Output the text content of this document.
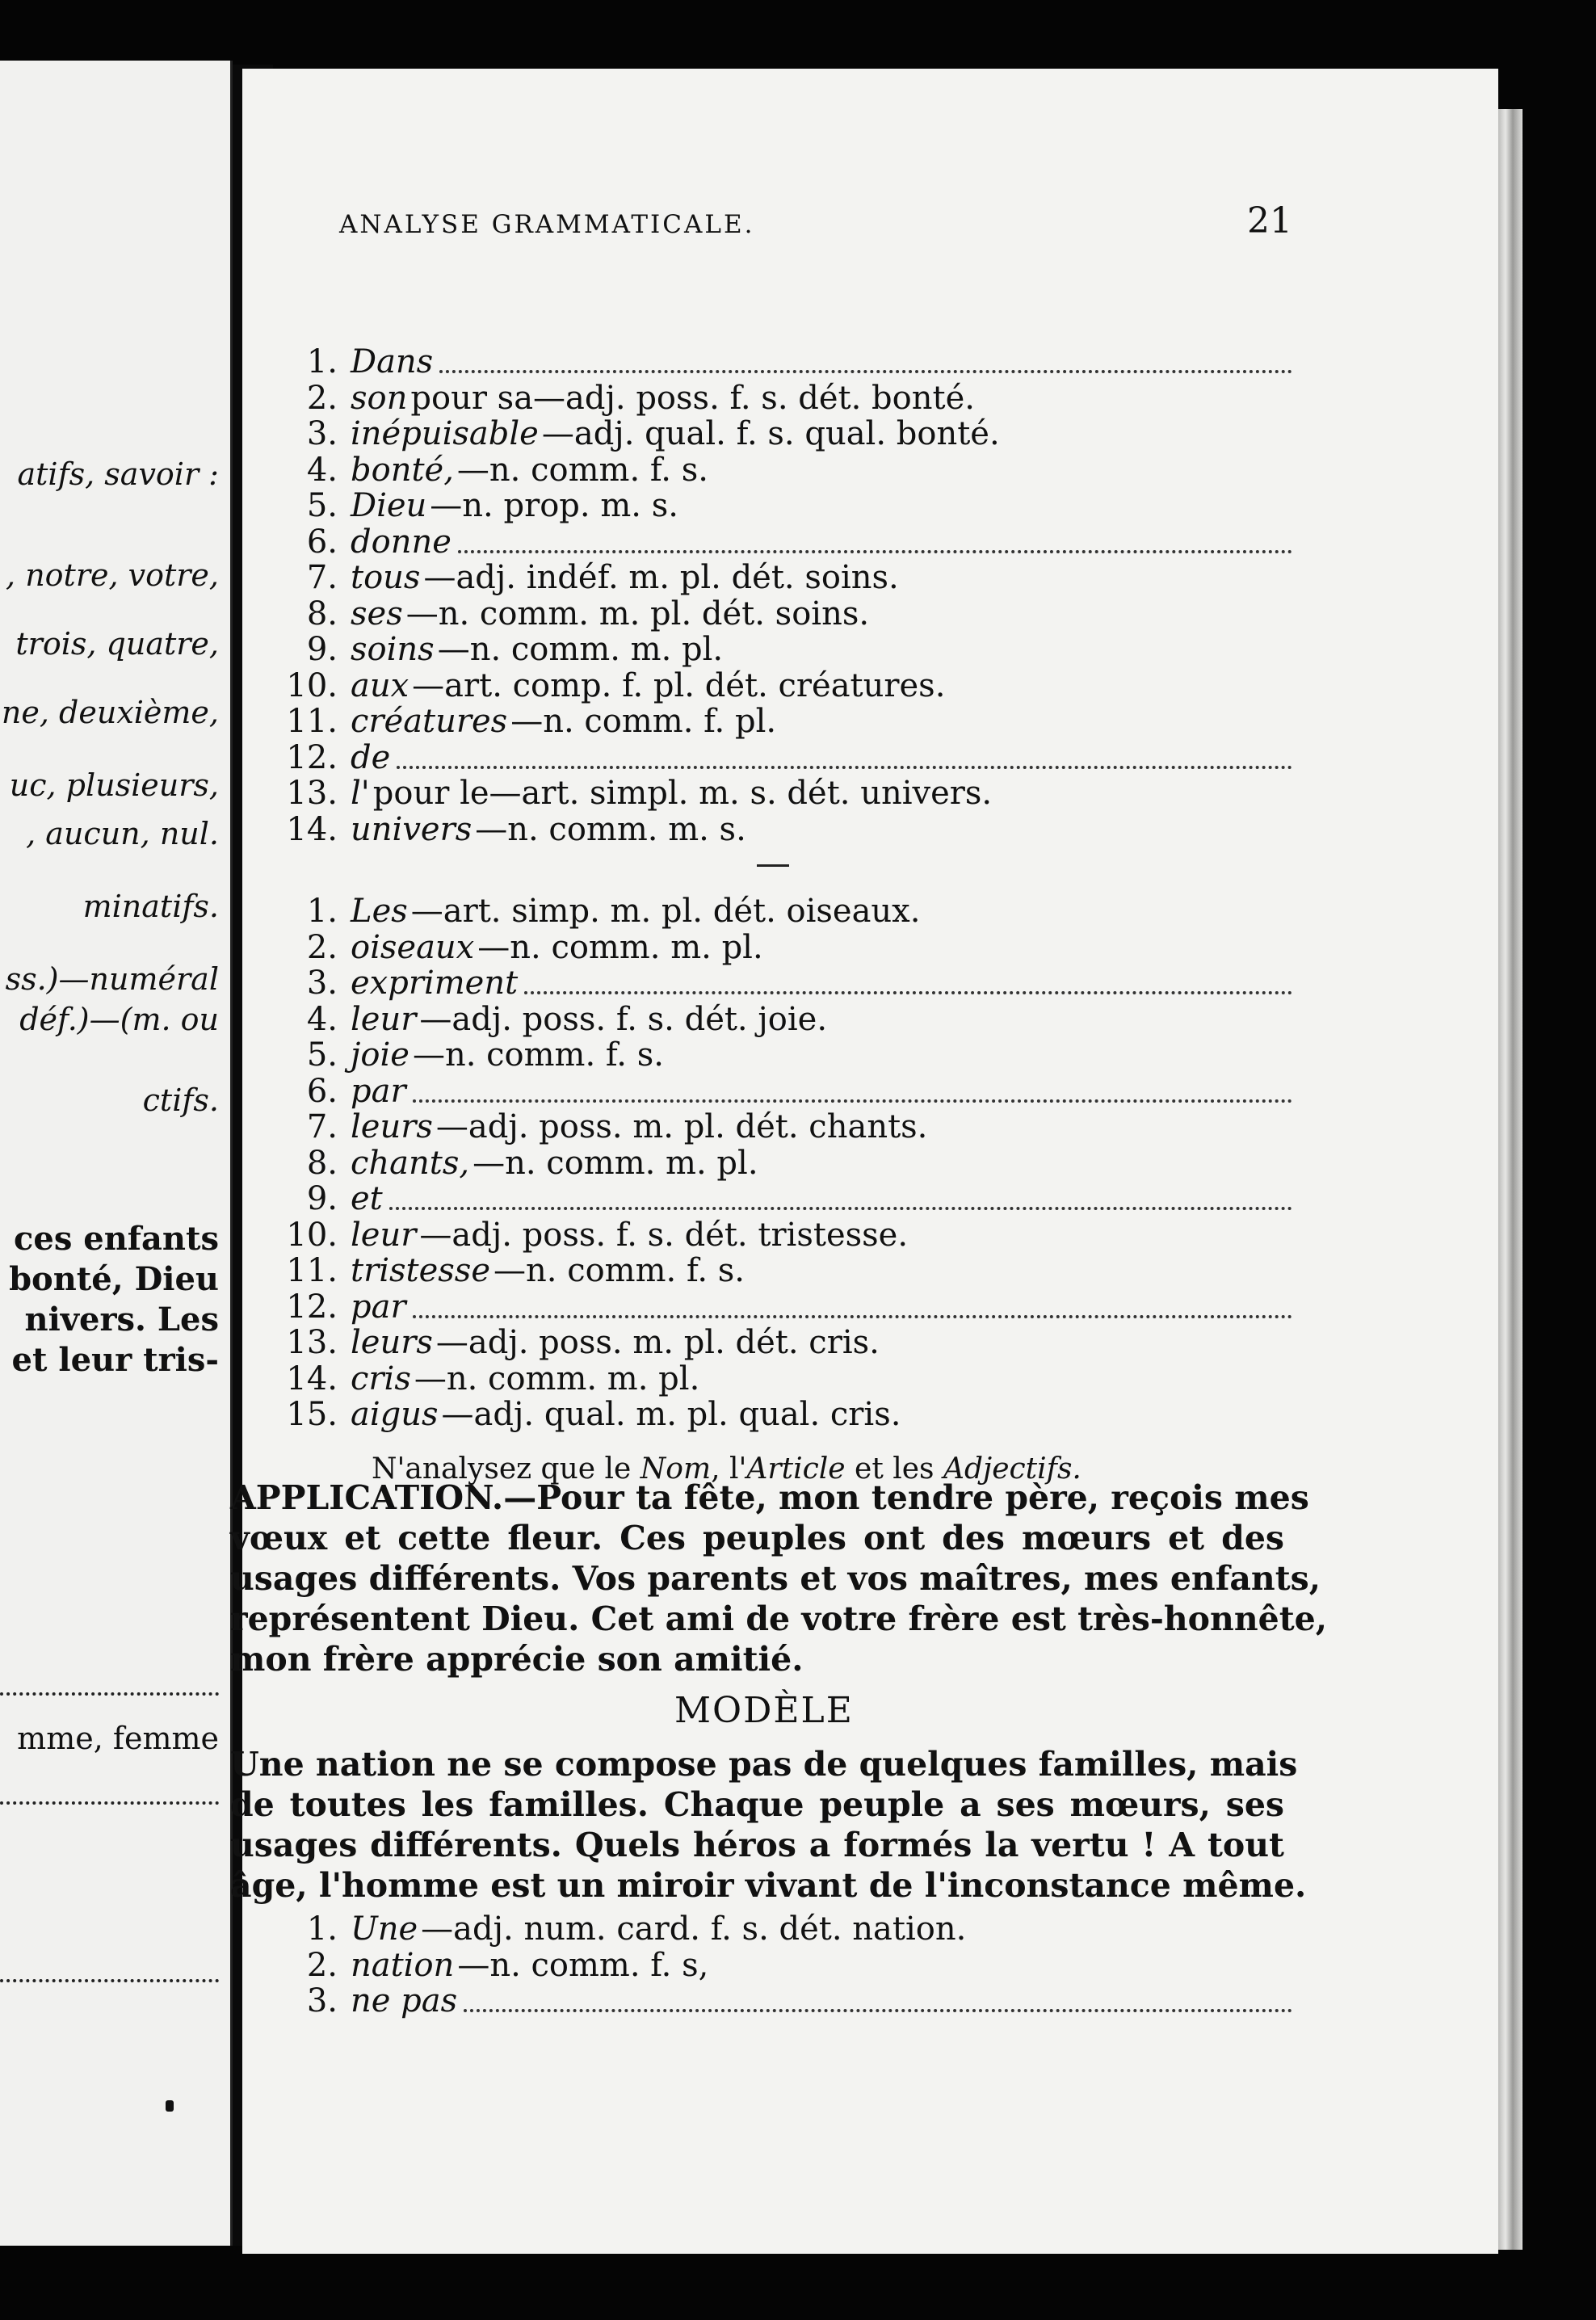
atifs, savoir :
, notre, votre,
trois, quatre,
ne, deuxième,
uc, plusieurs,
, aucun, nul.
minatifs.
ss.)—numéral
déf.)—(m. ou
ctifs.
ces enfants
bonté, Dieu
nivers. Les
et leur tris-
mme, femme
ANALYSE GRAMMATICALE.	21
1. Dans
2. son pour sa—adj. poss. f. s. dét. bonté.
3. inépuisable —adj. qual. f. s. qual. bonté.
4. bonté, —n. comm. f. s.
5. Dieu —n. prop. m. s.
6. donne
7. tous —adj. indéf. m. pl. dét. soins.
8. ses —n. comm. m. pl. dét. soins.
9. soins —n. comm. m. pl.
10. aux —art. comp. f. pl. dét. créatures.
11. créatures —n. comm. f. pl.
12. de
13. l' pour le—art. simpl. m. s. dét. univers.
14. univers —n. comm. m. s.
1. Les —art. simp. m. pl. dét. oiseaux.
2. oiseaux —n. comm. m. pl.
3. expriment
4. leur —adj. poss. f. s. dét. joie.
5. joie —n. comm. f. s.
6. par
7. leurs —adj. poss. m. pl. dét. chants.
8. chants, —n. comm. m. pl.
9. et
10. leur —adj. poss. f. s. dét. tristesse.
11. tristesse —n. comm. f. s.
12. par
13. leurs —adj. poss. m. pl. dét. cris.
14. cris —n. comm. m. pl.
15. aigus —adj. qual. m. pl. qual. cris.
N'analysez que le Nom, l'Article et les Adjectifs.
APPLICATION.—Pour ta fête, mon tendre père, reçois mes
vœux et cette fleur. Ces peuples ont des mœurs et des
usages différents. Vos parents et vos maîtres, mes enfants,
représentent Dieu. Cet ami de votre frère est très-honnête,
mon frère apprécie son amitié.
MODÈLE
Une nation ne se compose pas de quelques familles, mais
de toutes les familles. Chaque peuple a ses mœurs, ses
usages différents. Quels héros a formés la vertu ! A tout
âge, l'homme est un miroir vivant de l'inconstance même.
1. Une —adj. num. card. f. s. dét. nation.
2. nation —n. comm. f. s,
3. ne pas
